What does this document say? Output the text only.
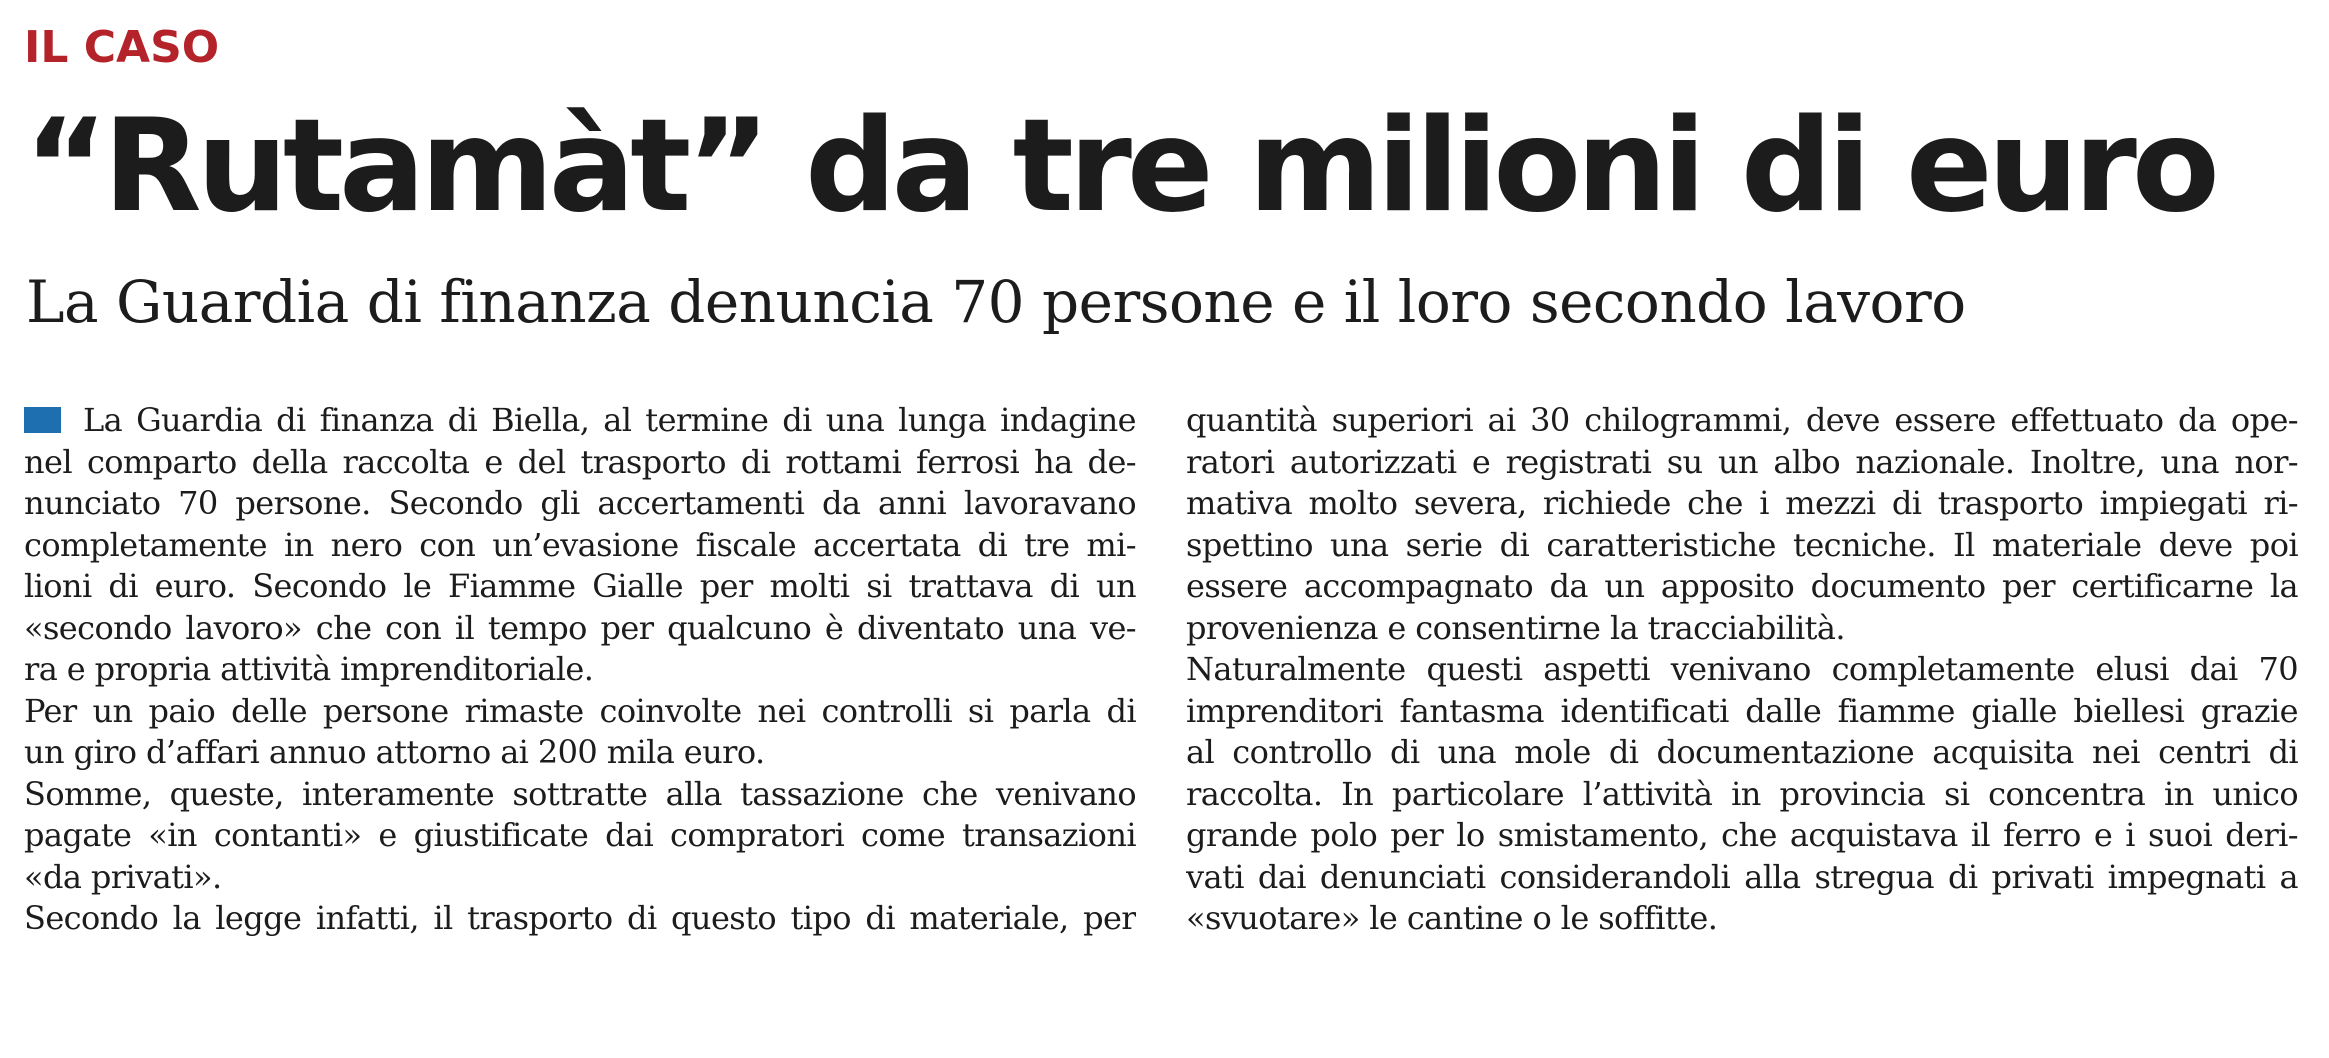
IL CASO
“Rutamàt” da tre milioni di euro
La Guardia di finanza denuncia 70 persone e il loro secondo lavoro

La Guardia di finanza di Biella, al termine di una lunga indagine
nel comparto della raccolta e del trasporto di rottami ferrosi ha de-
nunciato 70 persone. Secondo gli accertamenti da anni lavoravano
completamente in nero con un’evasione fiscale accertata di tre mi-
lioni di euro. Secondo le Fiamme Gialle per molti si trattava di un
«secondo lavoro» che con il tempo per qualcuno è diventato una ve-
ra e propria attività imprenditoriale.

Per un paio delle persone rimaste coinvolte nei controlli si parla di
un giro d’affari annuo attorno ai 200 mila euro.

Somme, queste, interamente sottratte alla tassazione che venivano
pagate «in contanti» e giustificate dai compratori come transazioni
«da privati».

Secondo la legge infatti, il trasporto di questo tipo di materiale, per

quantità superiori ai 30 chilogrammi, deve essere effettuato da ope-
ratori autorizzati e registrati su un albo nazionale. Inoltre, una nor-
mativa molto severa, richiede che i mezzi di trasporto impiegati ri-
spettino una serie di caratteristiche tecniche. Il materiale deve poi
essere accompagnato da un apposito documento per certificarne la
provenienza e consentirne la tracciabilità.

Naturalmente questi aspetti venivano completamente elusi dai 70
imprenditori fantasma identificati dalle fiamme gialle biellesi grazie
al controllo di una mole di documentazione acquisita nei centri di
raccolta. In particolare l’attività in provincia si concentra in unico
grande polo per lo smistamento, che acquistava il ferro e i suoi deri-
vati dai denunciati considerandoli alla stregua di privati impegnati a
«svuotare» le cantine o le soffitte.
